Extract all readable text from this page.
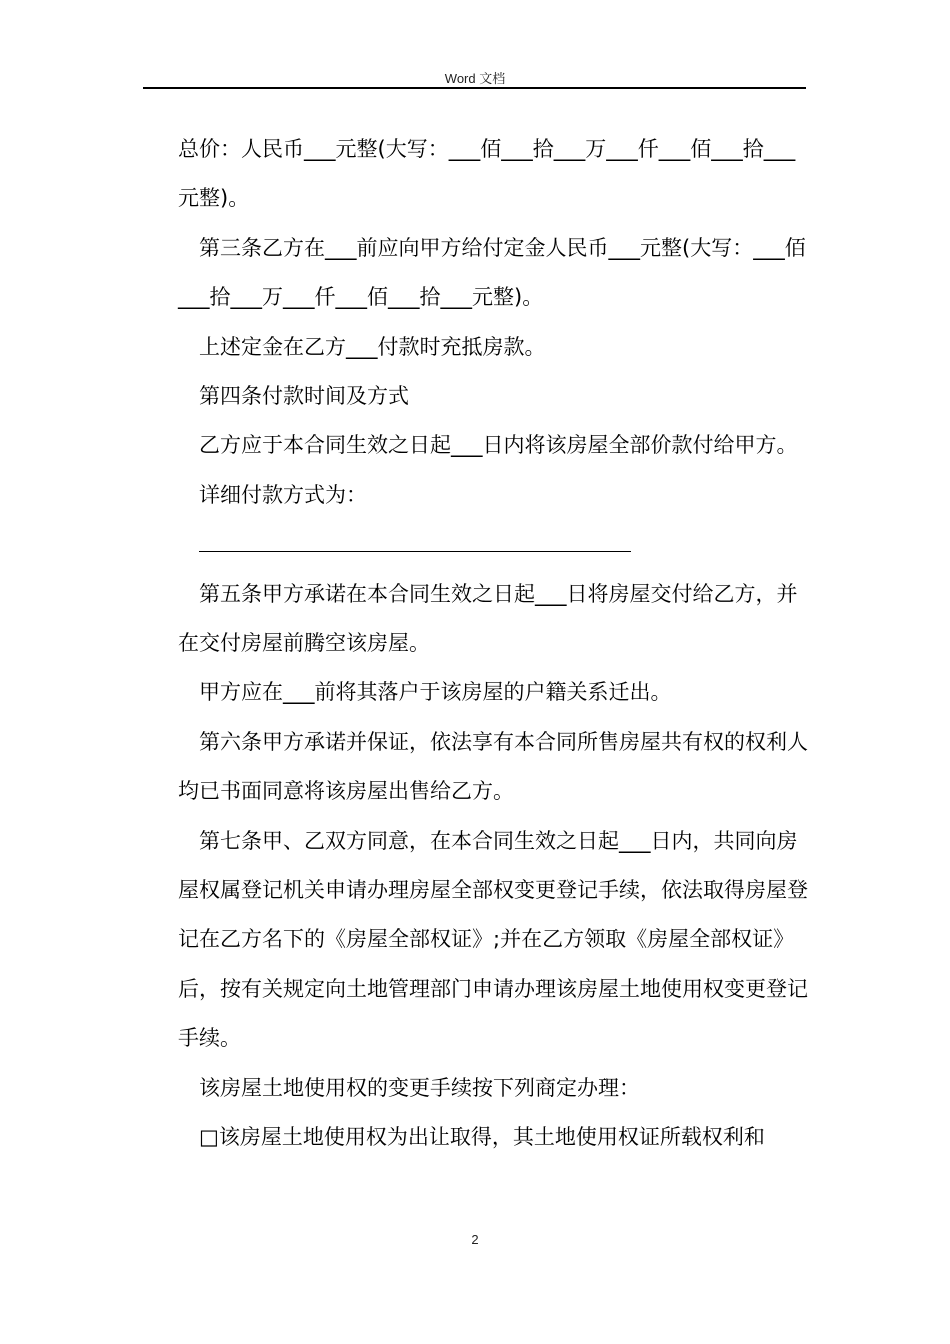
Word 文档

总价：人民币___元整(大写：___佰___拾___万___仟___佰___拾___元整)。

第三条乙方在___前应向甲方给付定金人民币___元整(大写：___佰___拾___万___仟___佰___拾___元整)。

上述定金在乙方___付款时充抵房款。

第四条付款时间及方式

乙方应于本合同生效之日起___日内将该房屋全部价款付给甲方。

详细付款方式为：

第五条甲方承诺在本合同生效之日起___日将房屋交付给乙方，并在交付房屋前腾空该房屋。

甲方应在___前将其落户于该房屋的户籍关系迁出。

第六条甲方承诺并保证，依法享有本合同所售房屋共有权的权利人均已书面同意将该房屋出售给乙方。

第七条甲、乙双方同意，在本合同生效之日起___日内，共同向房屋权属登记机关申请办理房屋全部权变更登记手续，依法取得房屋登记在乙方名下的《房屋全部权证》;并在乙方领取《房屋全部权证》后，按有关规定向土地管理部门申请办理该房屋土地使用权变更登记手续。

该房屋土地使用权的变更手续按下列商定办理：

□该房屋土地使用权为出让取得，其土地使用权证所载权利和

2
